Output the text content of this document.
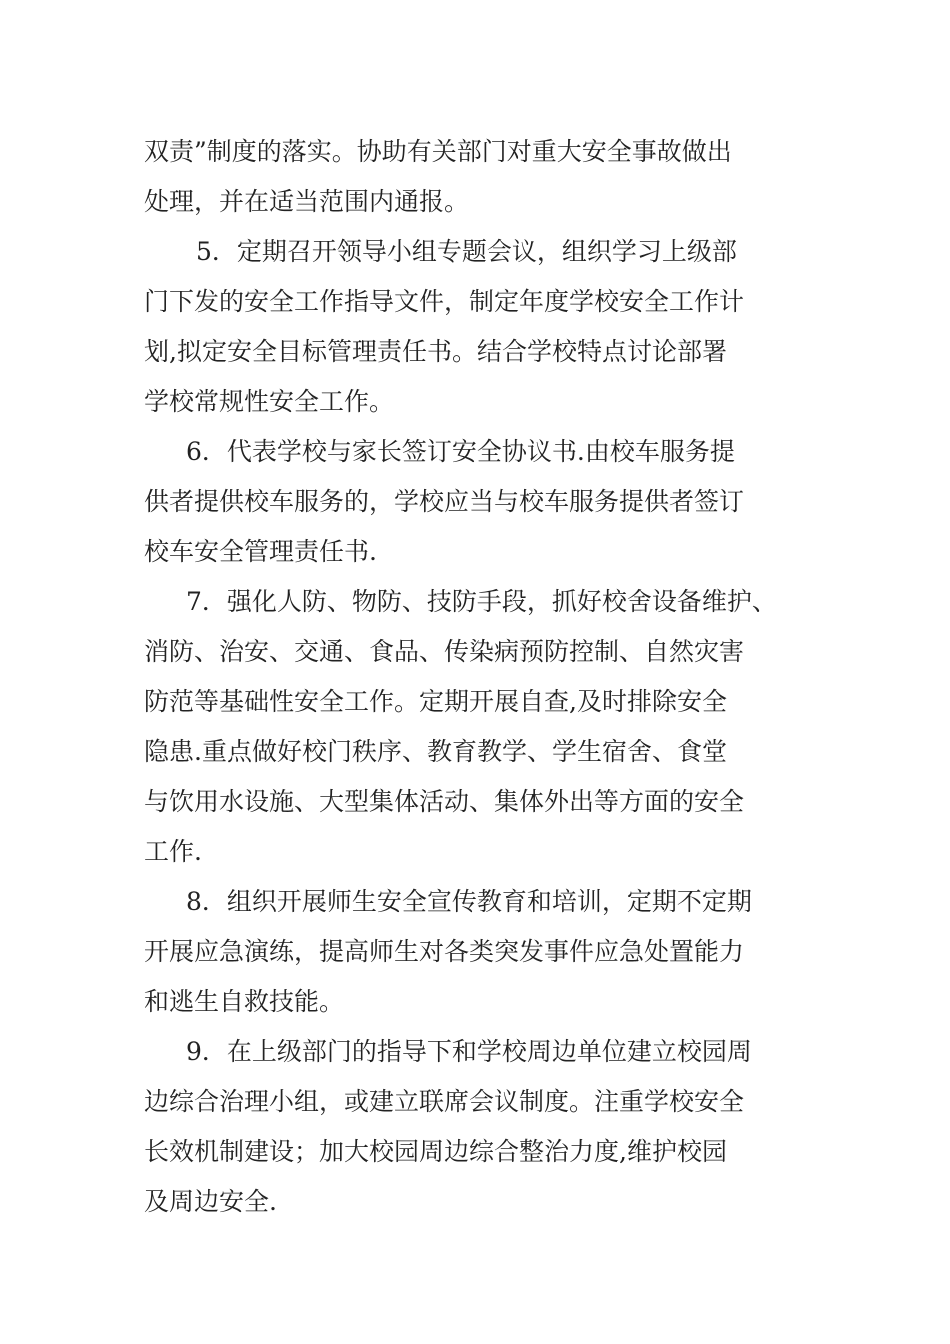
双责”制度的落实。协助有关部门对重大安全事故做出
处理，并在适当范围内通报。
5．定期召开领导小组专题会议，组织学习上级部
门下发的安全工作指导文件，制定年度学校安全工作计
划,拟定安全目标管理责任书。结合学校特点讨论部署
学校常规性安全工作。
6．代表学校与家长签订安全协议书.由校车服务提
供者提供校车服务的，学校应当与校车服务提供者签订
校车安全管理责任书.
7．强化人防、物防、技防手段，抓好校舍设备维护、
消防、治安、交通、食品、传染病预防控制、自然灾害
防范等基础性安全工作。定期开展自查,及时排除安全
隐患.重点做好校门秩序、教育教学、学生宿舍、食堂
与饮用水设施、大型集体活动、集体外出等方面的安全
工作.
8．组织开展师生安全宣传教育和培训，定期不定期
开展应急演练，提高师生对各类突发事件应急处置能力
和逃生自救技能。
9．在上级部门的指导下和学校周边单位建立校园周
边综合治理小组，或建立联席会议制度。注重学校安全
长效机制建设；加大校园周边综合整治力度,维护校园
及周边安全.
